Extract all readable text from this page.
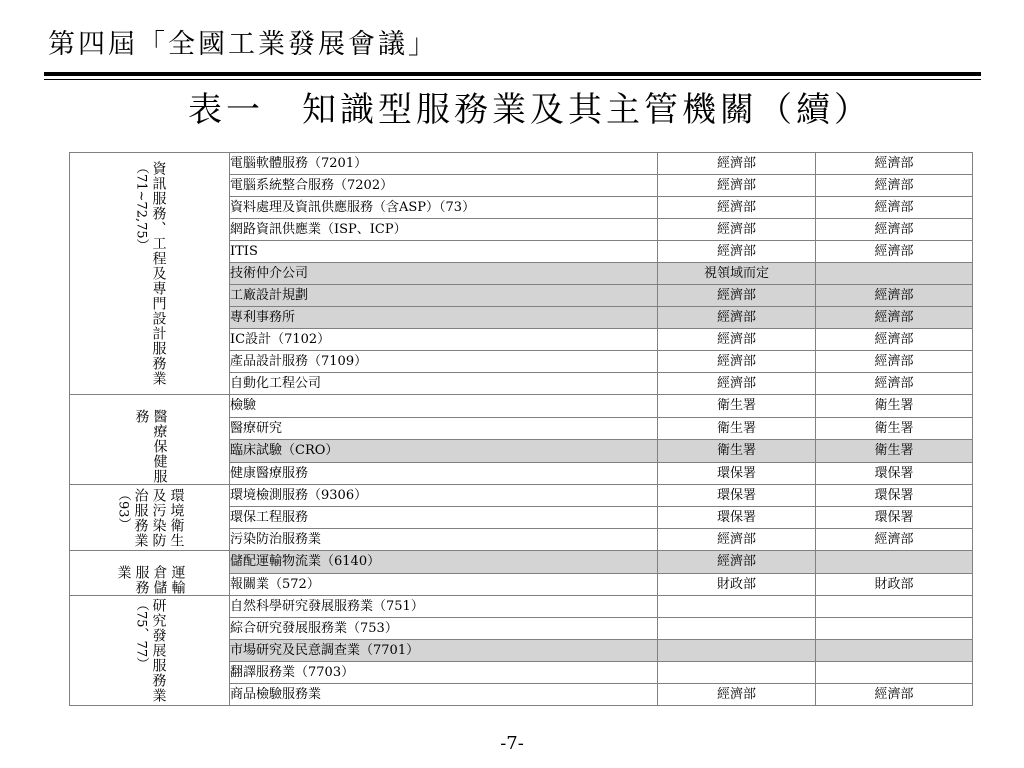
第四屆「全國工業發展會議」
表一　知識型服務業及其主管機關（續）
資訊服務、工程及專門設計服務業
（71~72,75）	電腦軟體服務（7201）	經濟部	經濟部
	電腦系統整合服務（7202）	經濟部	經濟部
	資料處理及資訊供應服務（含ASP）（73）	經濟部	經濟部
	網路資訊供應業（ISP、ICP）	經濟部	經濟部
	ITIS	經濟部	經濟部
	技術仲介公司	視領域而定	
	工廠設計規劃	經濟部	經濟部
	專利事務所	經濟部	經濟部
	IC設計（7102）	經濟部	經濟部
	產品設計服務（7109）	經濟部	經濟部
	自動化工程公司	經濟部	經濟部

醫療保健服
務	檢驗	衛生署	衛生署
	醫療研究	衛生署	衛生署
	臨床試驗（CRO）	衛生署	衛生署
	健康醫療服務	環保署	環保署

環境衛生
及污染防
治服務業
（93）	環境檢測服務（9306）	環保署	環保署
	環保工程服務	環保署	環保署
	污染防治服務業	經濟部	經濟部

運輸
倉儲
服務
業	儲配運輸物流業（6140）	經濟部	
	報關業（572）	財政部	財政部

研究發展服務業
（75、77）	自然科學研究發展服務業（751）		
	綜合研究發展服務業（753）		
	市場研究及民意調查業（7701）		
	翻譯服務業（7703）		
	商品檢驗服務業	經濟部	經濟部
-7-
